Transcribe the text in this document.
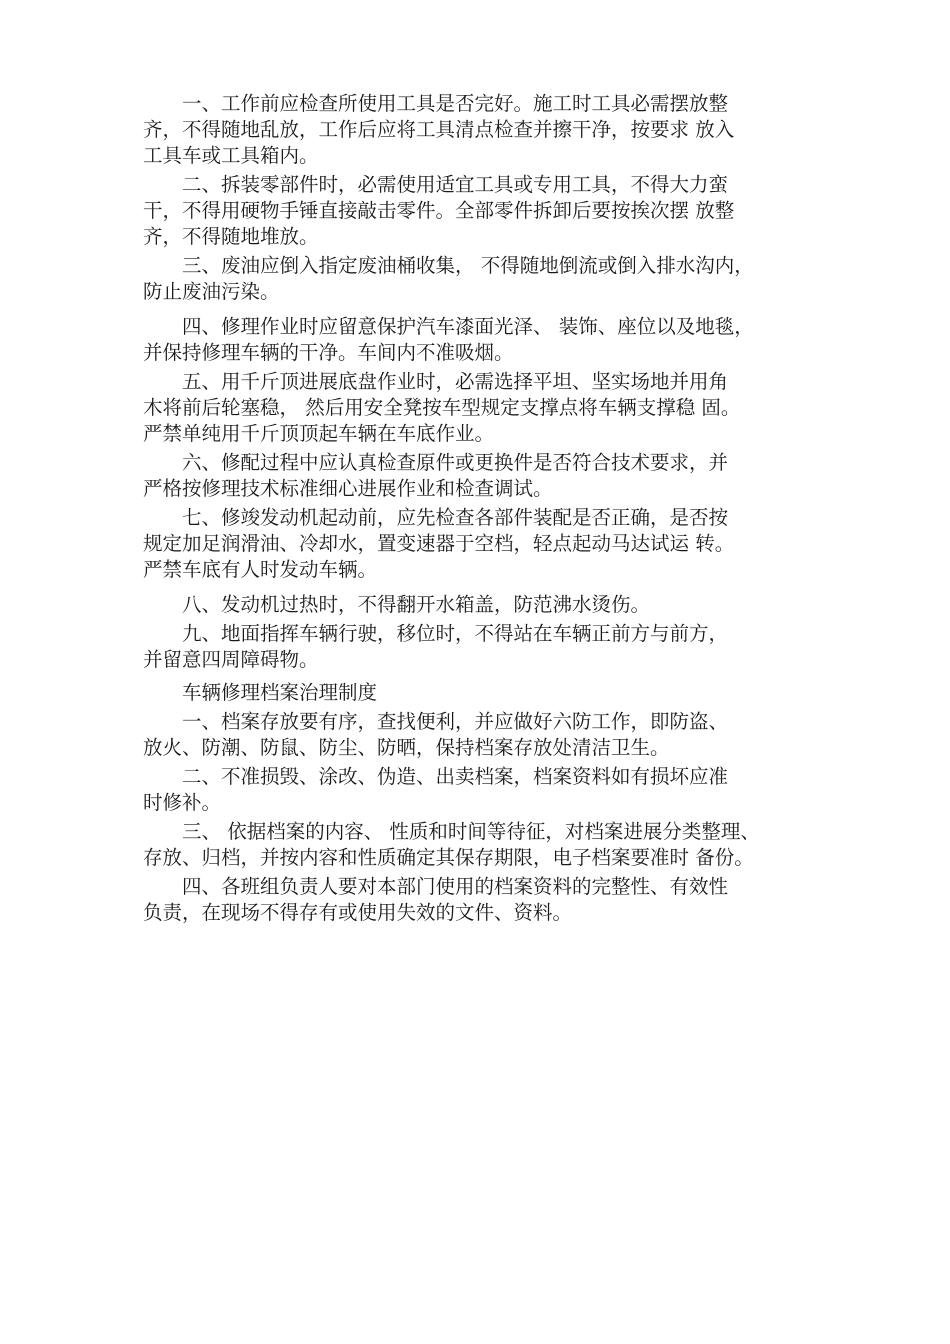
一、工作前应检查所使用工具是否完好。施工时工具必需摆放整
齐，不得随地乱放，工作后应将工具清点检查并擦干净，按要求 放入
工具车或工具箱内。

二、拆装零部件时，必需使用适宜工具或专用工具，不得大力蛮
干，不得用硬物手锤直接敲击零件。全部零件拆卸后要按挨次摆 放整
齐，不得随地堆放。

三、废油应倒入指定废油桶收集， 不得随地倒流或倒入排水沟内，
防止废油污染。

四、修理作业时应留意保护汽车漆面光泽、 装饰、座位以及地毯，
并保持修理车辆的干净。车间内不准吸烟。

五、用千斤顶进展底盘作业时，必需选择平坦、坚实场地并用角
木将前后轮塞稳， 然后用安全凳按车型规定支撑点将车辆支撑稳 固。
严禁单纯用千斤顶顶起车辆在车底作业。

六、修配过程中应认真检查原件或更换件是否符合技术要求，并
严格按修理技术标准细心进展作业和检查调试。

七、修竣发动机起动前，应先检查各部件装配是否正确，是否按
规定加足润滑油、冷却水，置变速器于空档，轻点起动马达试运 转。
严禁车底有人时发动车辆。

八、发动机过热时，不得翻开水箱盖，防范沸水烫伤。

九、地面指挥车辆行驶，移位时，不得站在车辆正前方与前方，
并留意四周障碍物。

车辆修理档案治理制度

一、档案存放要有序，查找便利，并应做好六防工作，即防盗、
放火、防潮、防鼠、防尘、防晒，保持档案存放处清洁卫生。

二、不准损毁、涂改、伪造、出卖档案，档案资料如有损坏应准
时修补。

三、 依据档案的内容、 性质和时间等待征，对档案进展分类整理、
存放、归档，并按内容和性质确定其保存期限，电子档案要准时 备份。

四、各班组负责人要对本部门使用的档案资料的完整性、有效性
负责，在现场不得存有或使用失效的文件、资料。
